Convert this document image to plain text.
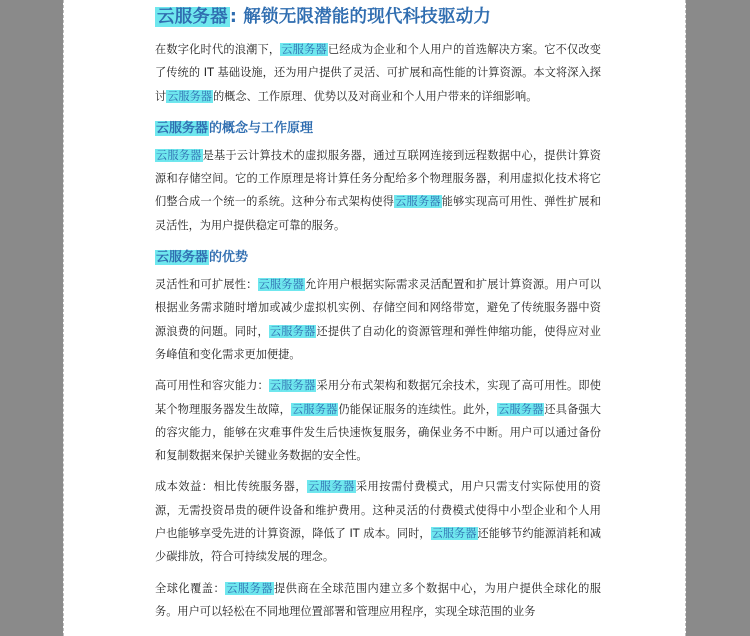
云服务器 : 解锁无限潜能的现代科技驱动力

在数字化时代的浪潮下，云服务器已经成为企业和个人用户的首选解决方案。它不仅改变了传统的 IT 基础设施，还为用户提供了灵活、可扩展和高性能的计算资源。本文将深入探讨云服务器的概念、工作原理、优势以及对商业和个人用户带来的详细影响。

云服务器的概念与工作原理

云服务器是基于云计算技术的虚拟服务器，通过互联网连接到远程数据中心，提供计算资源和存储空间。它的工作原理是将计算任务分配给多个物理服务器，利用虚拟化技术将它们整合成一个统一的系统。这种分布式架构使得云服务器能够实现高可用性、弹性扩展和灵活性，为用户提供稳定可靠的服务。

云服务器的优势

灵活性和可扩展性：云服务器允许用户根据实际需求灵活配置和扩展计算资源。用户可以根据业务需求随时增加或减少虚拟机实例、存储空间和网络带宽，避免了传统服务器中资源浪费的问题。同时，云服务器还提供了自动化的资源管理和弹性伸缩功能，使得应对业务峰值和变化需求更加便捷。

高可用性和容灾能力：云服务器采用分布式架构和数据冗余技术，实现了高可用性。即使某个物理服务器发生故障，云服务器仍能保证服务的连续性。此外，云服务器还具备强大的容灾能力，能够在灾难事件发生后快速恢复服务，确保业务不中断。用户可以通过备份和复制数据来保护关键业务数据的安全性。

成本效益：相比传统服务器，云服务器采用按需付费模式，用户只需支付实际使用的资源，无需投资昂贵的硬件设备和维护费用。这种灵活的付费模式使得中小型企业和个人用户也能够享受先进的计算资源，降低了 IT 成本。同时，云服务器还能够节约能源消耗和减少碳排放，符合可持续发展的理念。

全球化覆盖：云服务器提供商在全球范围内建立多个数据中心，为用户提供全球化的服务。用户可以轻松在不同地理位置部署和管理应用程序，实现全球范围的业务
